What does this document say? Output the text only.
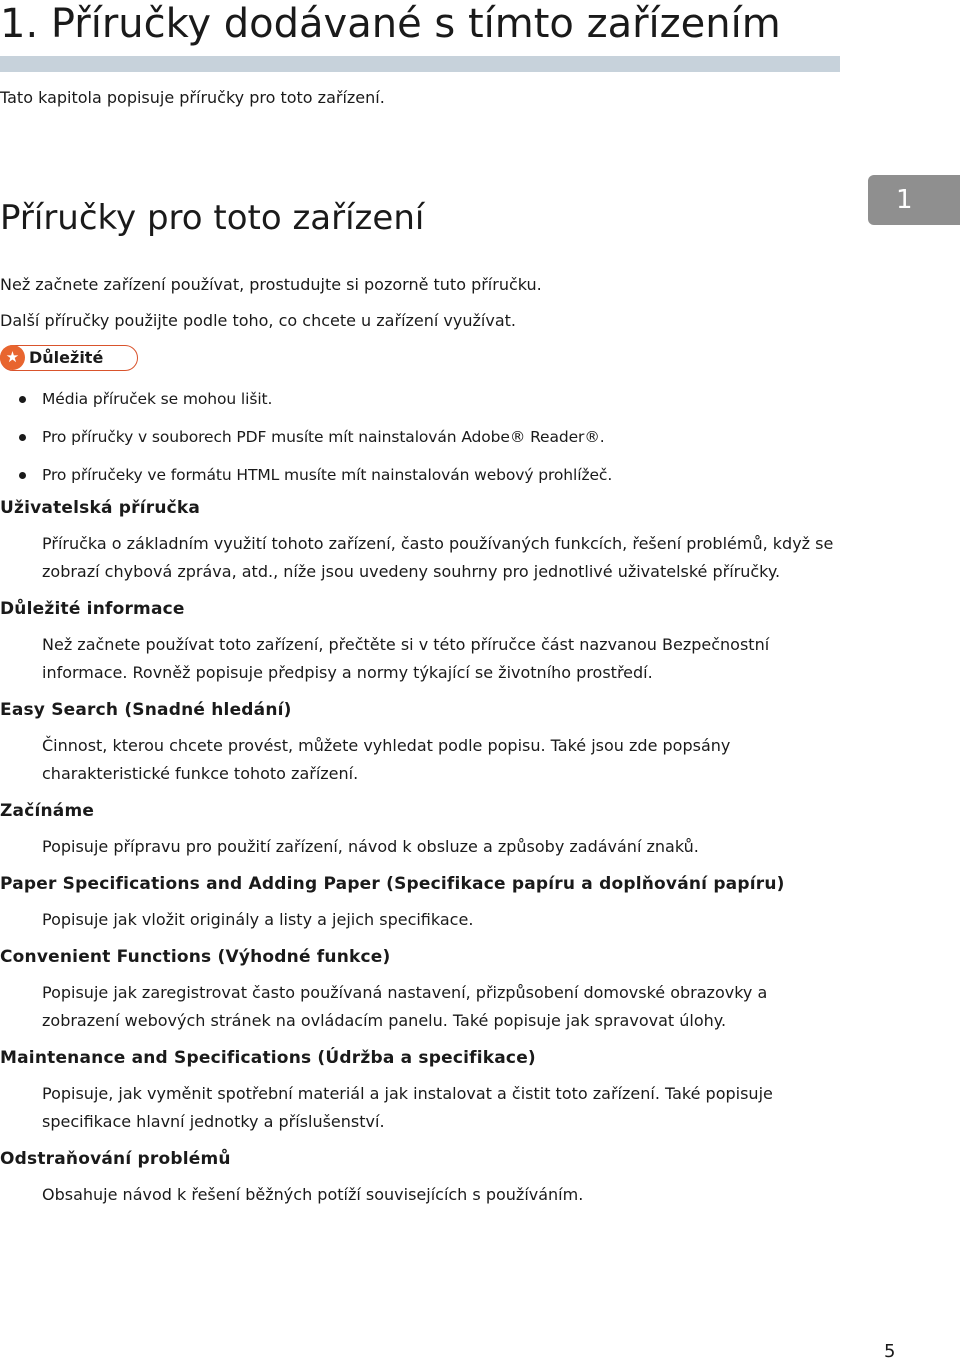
1. Příručky dodávané s tímto zařízením
Tato kapitola popisuje příručky pro toto zařízení.
1
Příručky pro toto zařízení
Než začnete zařízení používat, prostudujte si pozorně tuto příručku.
Další příručky použijte podle toho, co chcete u zařízení využívat.
★ Důležité
Média příruček se mohou lišit.
Pro příručky v souborech PDF musíte mít nainstalován Adobe® Reader®.
Pro příručeky ve formátu HTML musíte mít nainstalován webový prohlížeč.
Uživatelská příručka
Příručka o základním využití tohoto zařízení, často používaných funkcích, řešení problémů, když se zobrazí chybová zpráva, atd., níže jsou uvedeny souhrny pro jednotlivé uživatelské příručky.
Důležité informace
Než začnete používat toto zařízení, přečtěte si v této příručce část nazvanou Bezpečnostní informace. Rovněž popisuje předpisy a normy týkající se životního prostředí.
Easy Search (Snadné hledání)
Činnost, kterou chcete provést, můžete vyhledat podle popisu. Také jsou zde popsány charakteristické funkce tohoto zařízení.
Začínáme
Popisuje přípravu pro použití zařízení, návod k obsluze a způsoby zadávání znaků.
Paper Specifications and Adding Paper (Specifikace papíru a doplňování papíru)
Popisuje jak vložit originály a listy a jejich specifikace.
Convenient Functions (Výhodné funkce)
Popisuje jak zaregistrovat často používaná nastavení, přizpůsobení domovské obrazovky a zobrazení webových stránek na ovládacím panelu. Také popisuje jak spravovat úlohy.
Maintenance and Specifications (Údržba a specifikace)
Popisuje, jak vyměnit spotřební materiál a jak instalovat a čistit toto zařízení. Také popisuje specifikace hlavní jednotky a příslušenství.
Odstraňování problémů
Obsahuje návod k řešení běžných potíží souvisejících s používáním.
5
